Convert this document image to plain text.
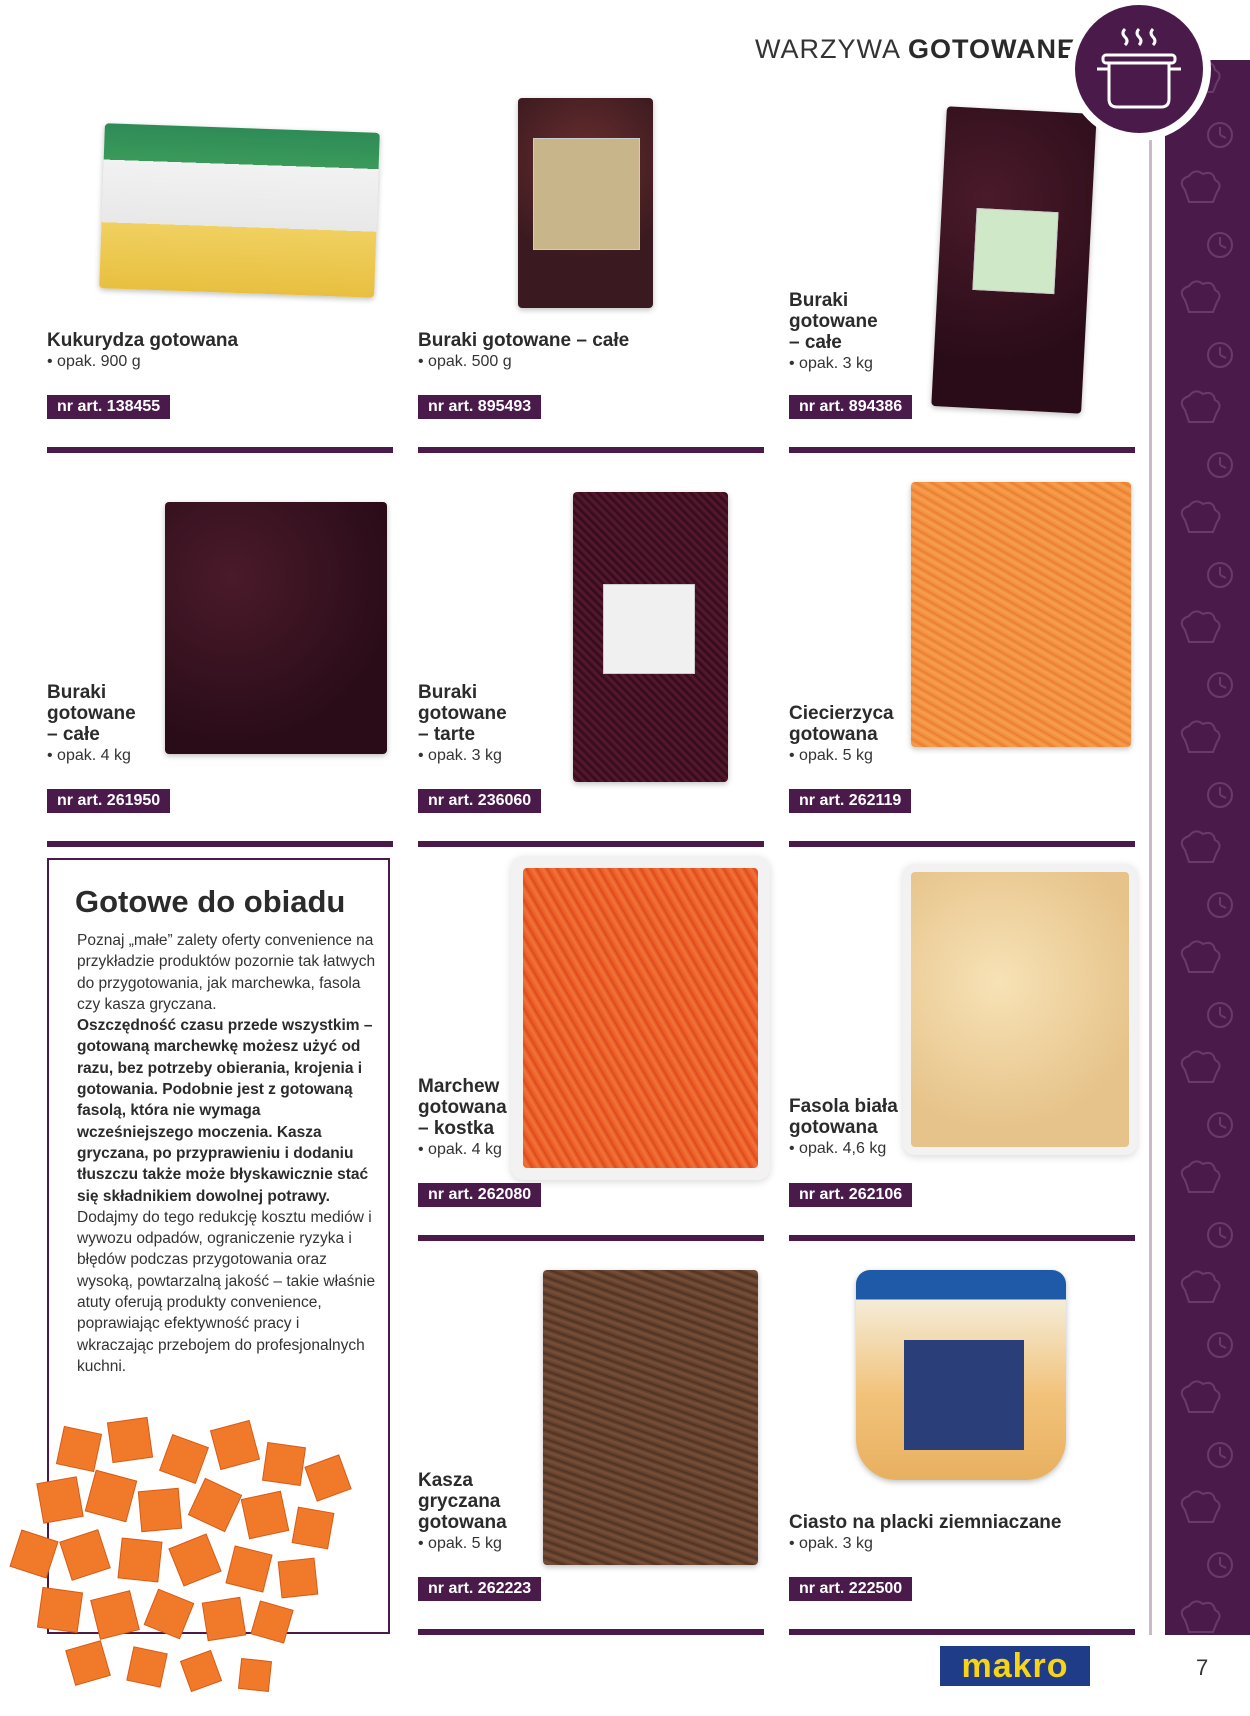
WARZYWA GOTOWANE
Kukurydza gotowana
• opak. 900 g
nr art. 138455
Buraki gotowane – całe
• opak. 500 g
nr art. 895493
Buraki
gotowane
– całe
• opak. 3 kg
nr art. 894386
Buraki
gotowane
– całe
• opak. 4 kg
nr art. 261950
Buraki
gotowane
– tarte
• opak. 3 kg
nr art. 236060
Ciecierzyca
gotowana
• opak. 5 kg
nr art. 262119
Gotowe do obiadu

Poznaj „małe” zalety oferty convenience na przykładzie produktów pozornie tak łatwych do przygotowania, jak marchewka, fasola czy kasza gryczana.

Oszczędność czasu przede wszystkim – gotowaną marchewkę możesz użyć od razu, bez potrzeby obierania, krojenia i gotowania. Podobnie jest z gotowaną fasolą, która nie wymaga wcześniejszego moczenia. Kasza gryczana, po przyprawieniu i dodaniu tłuszczu także może błyskawicznie stać się składnikiem dowolnej potrawy.

Dodajmy do tego redukcję kosztu mediów i wywozu odpadów, ograniczenie ryzyka i błędów podczas przygotowania oraz wysoką, powtarzalną jakość – takie właśnie atuty oferują produkty convenience, poprawiając efektywność pracy i wkraczając przebojem do profesjonalnych kuchni.

Marchew
gotowana
– kostka
• opak. 4 kg
nr art. 262080
Fasola biała
gotowana
• opak. 4,6 kg
nr art. 262106
Kasza
gryczana
gotowana
• opak. 5 kg
nr art. 262223
Ciasto na placki ziemniaczane
• opak. 3 kg
nr art. 222500
makro	7
